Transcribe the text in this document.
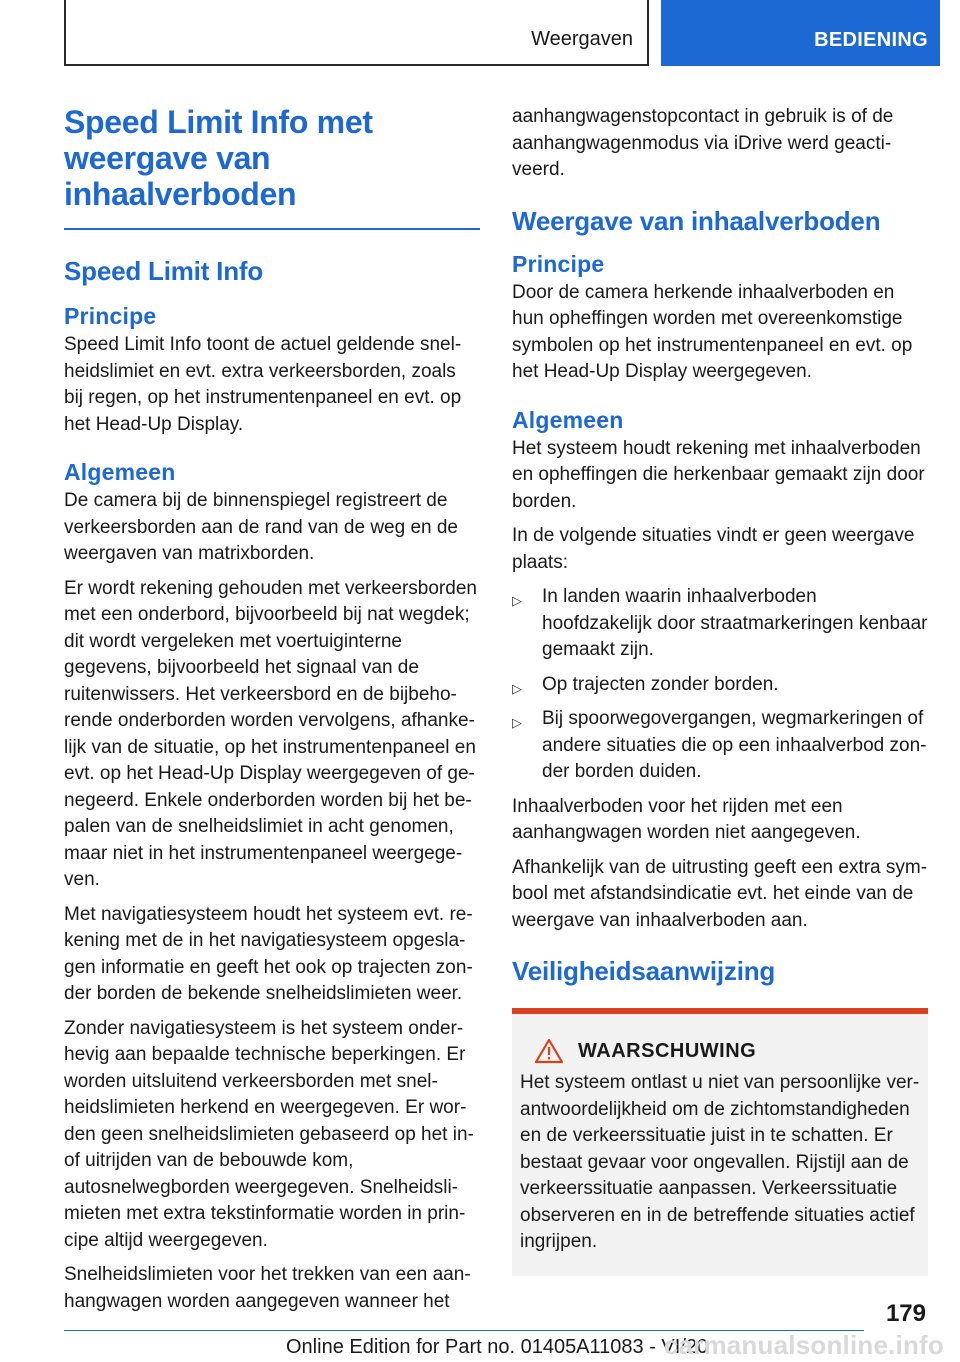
Weergaven	BEDIENING
Speed Limit Info met weergave van inhaalverboden
Speed Limit Info
Principe

Speed Limit Info toont de actuel geldende snelheidslimiet en evt. extra verkeersborden, zoals bij regen, op het instrumentenpaneel en evt. op het Head-Up Display.

Algemeen

De camera bij de binnenspiegel registreert de verkeersborden aan de rand van de weg en de weergaven van matrixborden.

Er wordt rekening gehouden met verkeersborden met een onderbord, bijvoorbeeld bij nat wegdek; dit wordt vergeleken met voertuiginterne gegevens, bijvoorbeeld het signaal van de ruitenwissers. Het verkeersbord en de bijbehorende onderborden worden vervolgens, afhankelijk van de situatie, op het instrumentenpaneel en evt. op het Head-Up Display weergegeven of genegeerd. Enkele onderborden worden bij het bepalen van de snelheidslimiet in acht genomen, maar niet in het instrumentenpaneel weergegeven.

Met navigatiesysteem houdt het systeem evt. rekening met de in het navigatiesysteem opgeslagen informatie en geeft het ook op trajecten zonder borden de bekende snelheidslimieten weer.

Zonder navigatiesysteem is het systeem onderhevig aan bepaalde technische beperkingen. Er worden uitsluitend verkeersborden met snelheidslimieten herkend en weergegeven. Er worden geen snelheidslimieten gebaseerd op het in- of uitrijden van de bebouwde kom, autosnelwegborden weergegeven. Snelheidslimieten met extra tekstinformatie worden in principe altijd weergegeven.

Snelheidslimieten voor het trekken van een aanhangwagen worden aangegeven wanneer het

aanhangwagenstopcontact in gebruik is of de aanhangwagenmodus via iDrive werd geactiveerd.

Weergave van inhaalverboden
Principe

Door de camera herkende inhaalverboden en hun opheffingen worden met overeenkomstige symbolen op het instrumentenpaneel en evt. op het Head-Up Display weergegeven.

Algemeen

Het systeem houdt rekening met inhaalverboden en opheffingen die herkenbaar gemaakt zijn door borden.

In de volgende situaties vindt er geen weergave plaats:

▷ In landen waarin inhaalverboden hoofdzakelijk door straatmarkeringen kenbaar gemaakt zijn.
▷ Op trajecten zonder borden.
▷ Bij spoorwegovergangen, wegmarkeringen of andere situaties die op een inhaalverbod zonder borden duiden.

Inhaalverboden voor het rijden met een aanhangwagen worden niet aangegeven.

Afhankelijk van de uitrusting geeft een extra symbool met afstandsindicatie evt. het einde van de weergave van inhaalverboden aan.

Veiligheidsaanwijzing
WAARSCHUWING

Het systeem ontlast u niet van persoonlijke verantwoordelijkheid om de zichtomstandigheden en de verkeerssituatie juist in te schatten. Er bestaat gevaar voor ongevallen. Rijstijl aan de verkeerssituatie aanpassen. Verkeerssituatie observeren en in de betreffende situaties actief ingrijpen.

179
Online Edition for Part no. 01405A11083 - VI/20
carmanualsonline.info
